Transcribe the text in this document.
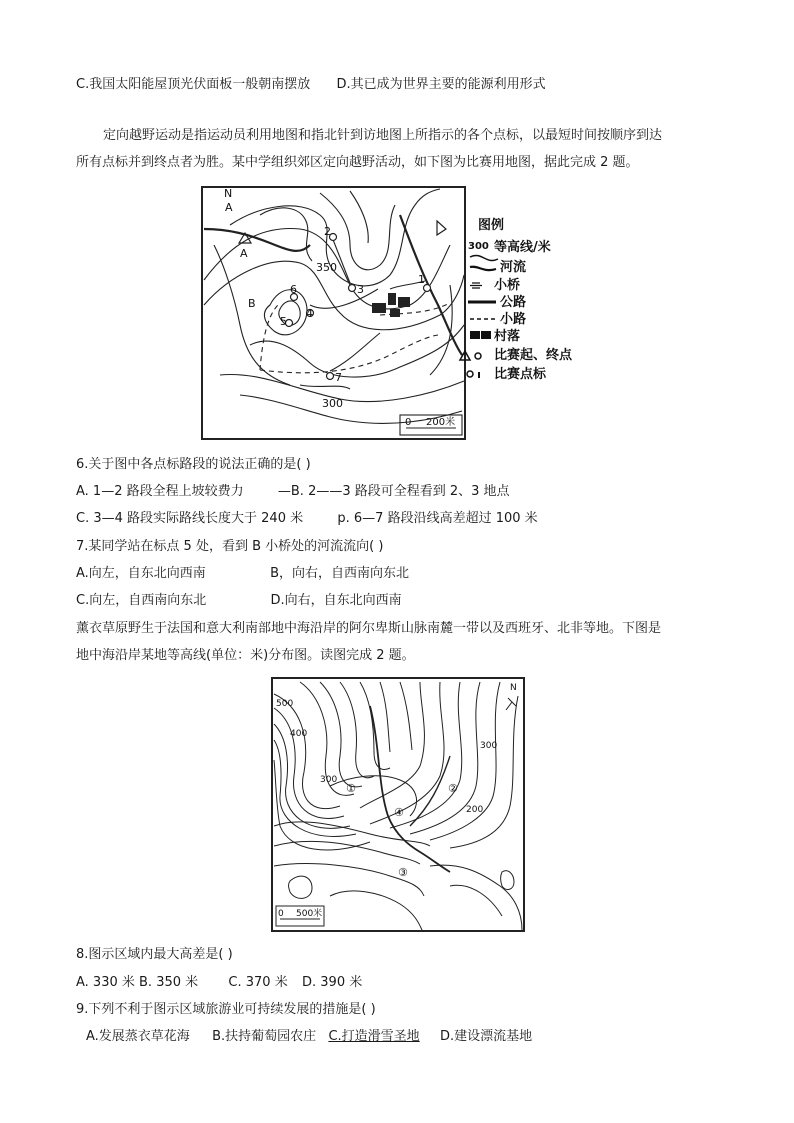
C.我国太阳能屋顶光伏面板一般朝南摆放 D.其已成为世界主要的能源利用形式
定向越野运动是指运动员利用地图和指北针到访地图上所指示的各个点标，以最短时间按顺序到达
所有点标并到终点者为胜。某中学组织郊区定向越野活动，如下图为比赛用地图，据此完成 2 题。
N
A
A
B
350
300
1
2
3
4
5
6
7
0 200米
图例
300 等高线/米
河流
小桥
公路
小路
村落
比赛起、终点
比赛点标
6.关于图中各点标路段的说法正确的是( )
A. 1—2 路段全程上坡较费力	—B. 2——3 路段可全程看到 2、3 地点
C. 3—4 路段实际路线长度大于 240 米	p. 6—7 路段沿线高差超过 100 米
7.某同学站在标点 5 处，看到 B 小桥处的河流流向( )
A.向左，自东北向西南	B，向右，自西南向东北
C.向左，自西南向东北	D.向右，自东北向西南
薰衣草原野生于法国和意大利南部地中海沿岸的阿尔卑斯山脉南麓一带以及西班牙、北非等地。下图是
地中海沿岸某地等高线(单位：米)分布图。读图完成 2 题。
N
500
400
300
300
200
①	②
③
④
0 500米
8.图示区域内最大高差是( )
A. 330 米 B. 350 米 C. 370 米 D. 390 米
9.下列不利于图示区域旅游业可持续发展的措施是( )
A.发展蒸衣草花海 B.扶持葡萄园农庄 C.打造滑雪圣地 D.建设漂流基地
